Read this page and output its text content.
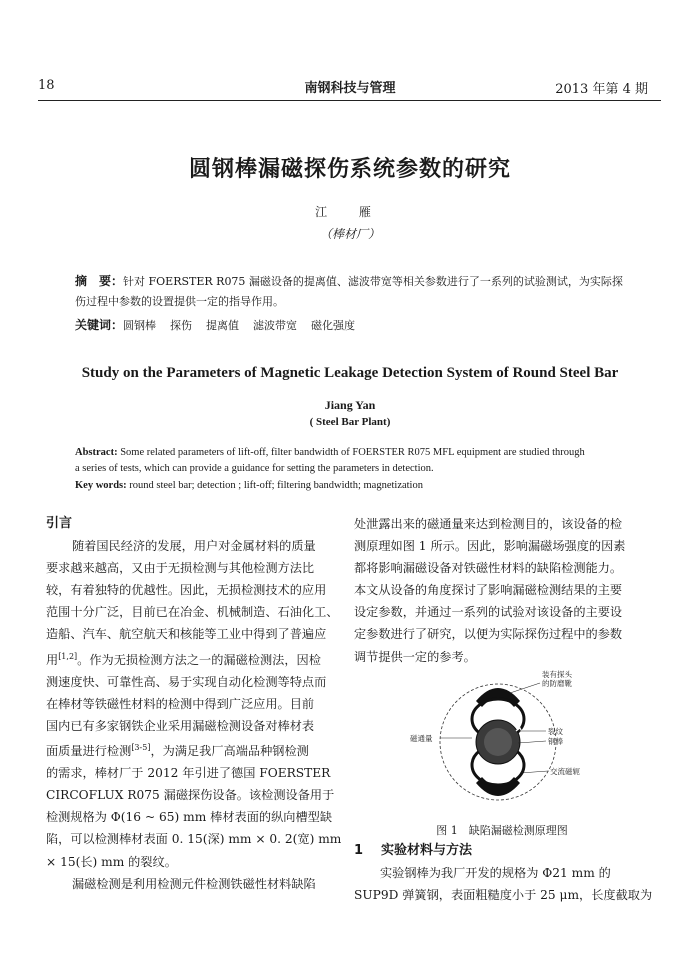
18	南钢科技与管理	2013 年第 4 期
圆钢棒漏磁探伤系统参数的研究
江 雁
（棒材厂）
摘　要：针对 FOERSTER R075 漏磁设备的提离值、滤波带宽等相关参数进行了一系列的试验测试，为实际探
伤过程中参数的设置提供一定的指导作用。
关键词：圆钢棒 探伤 提离值 滤波带宽 磁化强度
Study on the Parameters of Magnetic Leakage Detection System of Round Steel Bar
Jiang Yan
( Steel Bar Plant)
Abstract: Some related parameters of lift-off, filter bandwidth of FOERSTER R075 MFL equipment are studied through
a series of tests, which can provide a guidance for setting the parameters in detection.
Key words: round steel bar; detection ; lift-off; filtering bandwidth; magnetization
引言
随着国民经济的发展，用户对金属材料的质量
要求越来越高，又由于无损检测与其他检测方法比
较，有着独特的优越性。因此，无损检测技术的应用
范围十分广泛，目前已在冶金、机械制造、石油化工、
造船、汽车、航空航天和核能等工业中得到了普遍应
用[1,2]。作为无损检测方法之一的漏磁检测法，因检
测速度快、可靠性高、易于实现自动化检测等特点而
在棒材等铁磁性材料的检测中得到广泛应用。目前
国内已有多家钢铁企业采用漏磁检测设备对棒材表
面质量进行检测[3-5]，为满足我厂高端品种钢检测
的需求，棒材厂于 2012 年引进了德国 FOERSTER
CIRCOFLUX R075 漏磁探伤设备。该检测设备用于
检测规格为 Φ(16 ~ 65) mm 棒材表面的纵向槽型缺
陷，可以检测棒材表面 0. 15(深) mm × 0. 2(宽) mm
× 15(长) mm 的裂纹。
漏磁检测是利用检测元件检测铁磁性材料缺陷
处泄露出来的磁通量来达到检测目的，该设备的检
测原理如图 1 所示。因此，影响漏磁场强度的因素
都将影响漏磁设备对铁磁性材料的缺陷检测能力。
本文从设备的角度探讨了影响漏磁检测结果的主要
设定参数，并通过一系列的试验对该设备的主要设
定参数进行了研究，以便为实际探伤过程中的参数
调节提供一定的参考。
装有探头
的防磨靴
磁通量
裂纹
钢棒
交流磁轭
图 1　缺陷漏磁检测原理图
1 实验材料与方法
实验钢棒为我厂开发的规格为 Φ21 mm 的
SUP9D 弹簧钢，表面粗糙度小于 25 μm，长度截取为
